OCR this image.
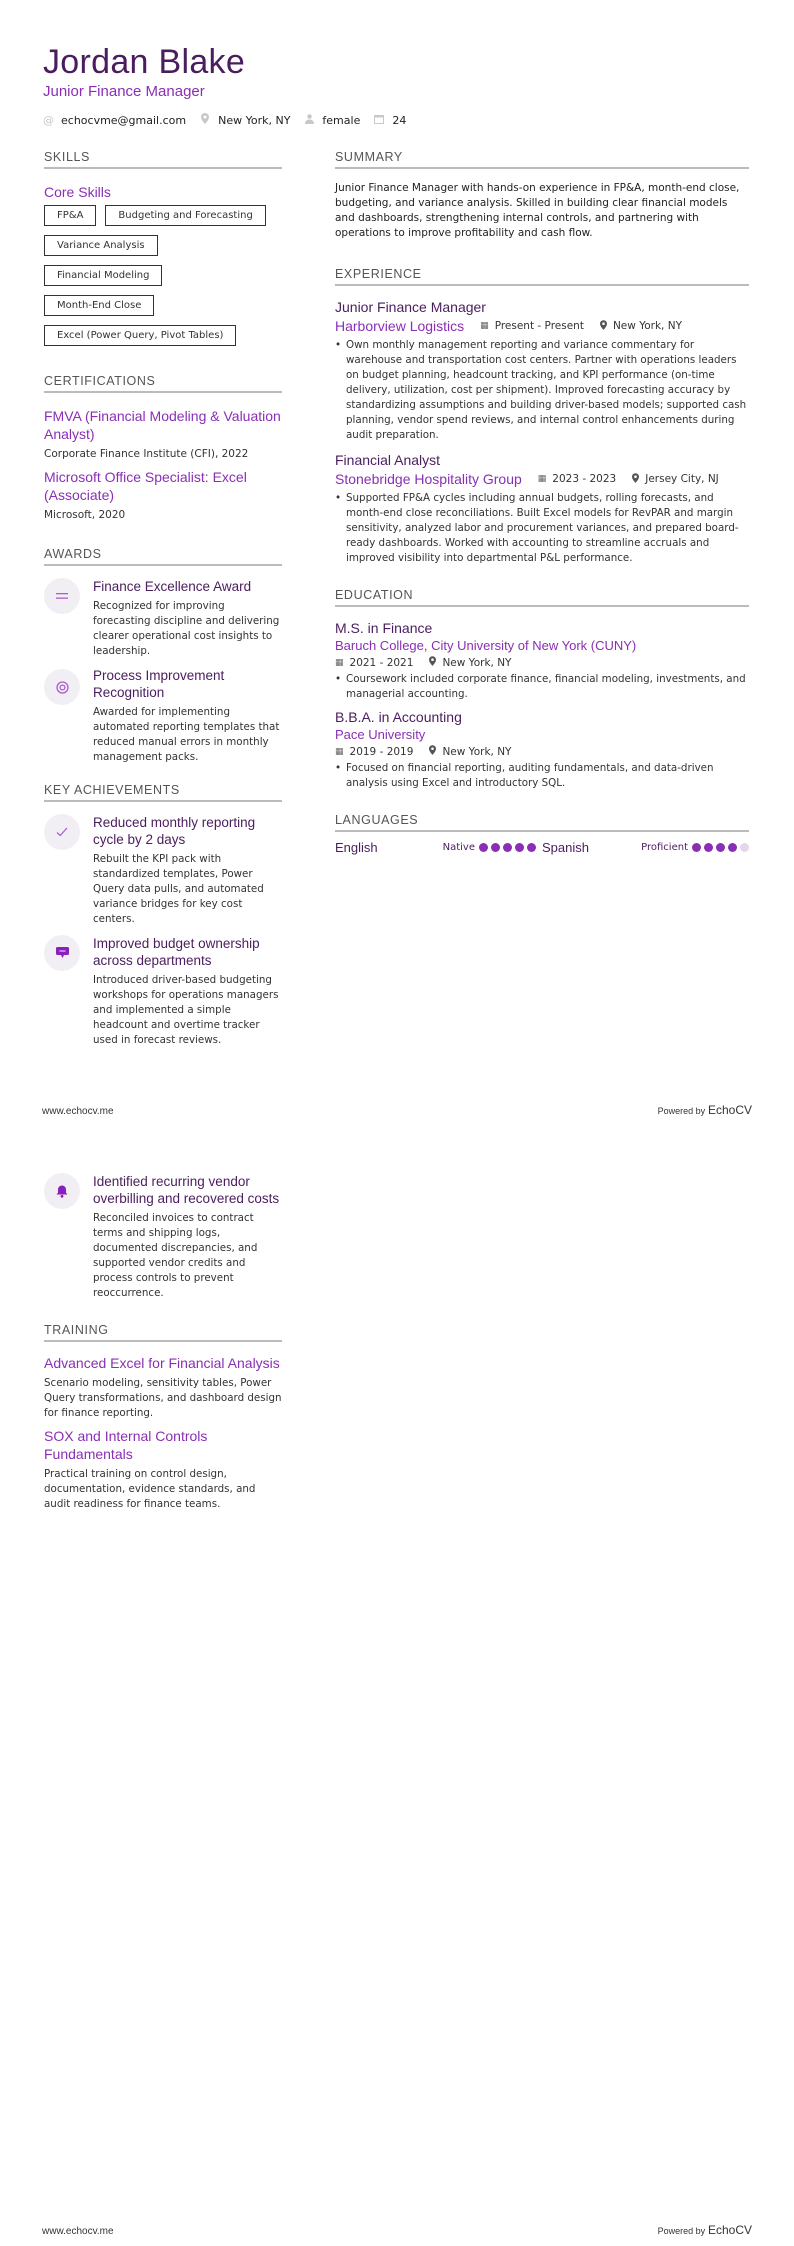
Jordan Blake
Junior Finance Manager
@ echocvme@gmail.com	New York, NY	female	24
SKILLS
Core Skills
FP&A	Budgeting and Forecasting
Variance Analysis
Financial Modeling
Month-End Close
Excel (Power Query, Pivot Tables)
CERTIFICATIONS
FMVA (Financial Modeling & Valuation Analyst)
Corporate Finance Institute (CFI), 2022
Microsoft Office Specialist: Excel (Associate)
Microsoft, 2020
AWARDS
Finance Excellence Award
Recognized for improving forecasting discipline and delivering clearer operational cost insights to leadership.
Process Improvement Recognition
Awarded for implementing automated reporting templates that reduced manual errors in monthly management packs.
KEY ACHIEVEMENTS
Reduced monthly reporting cycle by 2 days
Rebuilt the KPI pack with standardized templates, Power Query data pulls, and automated variance bridges for key cost centers.
Improved budget ownership across departments
Introduced driver-based budgeting workshops for operations managers and implemented a simple headcount and overtime tracker used in forecast reviews.
SUMMARY

Junior Finance Manager with hands-on experience in FP&A, month-end close, budgeting, and variance analysis. Skilled in building clear financial models and dashboards, strengthening internal controls, and partnering with operations to improve profitability and cash flow.

EXPERIENCE
Junior Finance Manager
Harborview Logistics ▦ Present - Present	New York, NY
• Own monthly management reporting and variance commentary for warehouse and transportation cost centers. Partner with operations leaders on budget planning, headcount tracking, and KPI performance (on-time delivery, utilization, cost per shipment). Improved forecasting accuracy by standardizing assumptions and building driver-based models; supported cash planning, vendor spend reviews, and internal control enhancements during audit preparation.
Financial Analyst
Stonebridge Hospitality Group ▦ 2023 - 2023	Jersey City, NJ
• Supported FP&A cycles including annual budgets, rolling forecasts, and month-end close reconciliations. Built Excel models for RevPAR and margin sensitivity, analyzed labor and procurement variances, and prepared board-ready dashboards. Worked with accounting to streamline accruals and improved visibility into departmental P&L performance.
EDUCATION
M.S. in Finance
Baruch College, City University of New York (CUNY)
▦ 2021 - 2021	New York, NY
• Coursework included corporate finance, financial modeling, investments, and managerial accounting.
B.B.A. in Accounting
Pace University
▦ 2019 - 2019	New York, NY
• Focused on financial reporting, auditing fundamentals, and data-driven analysis using Excel and introductory SQL.
LANGUAGES
English	Native	Spanish	Proficient
www.echocv.me	Powered by EchoCV
Identified recurring vendor overbilling and recovered costs
Reconciled invoices to contract terms and shipping logs, documented discrepancies, and supported vendor credits and process controls to prevent reoccurrence.
TRAINING
Advanced Excel for Financial Analysis
Scenario modeling, sensitivity tables, Power Query transformations, and dashboard design for finance reporting.
SOX and Internal Controls Fundamentals
Practical training on control design, documentation, evidence standards, and audit readiness for finance teams.
www.echocv.me	Powered by EchoCV
